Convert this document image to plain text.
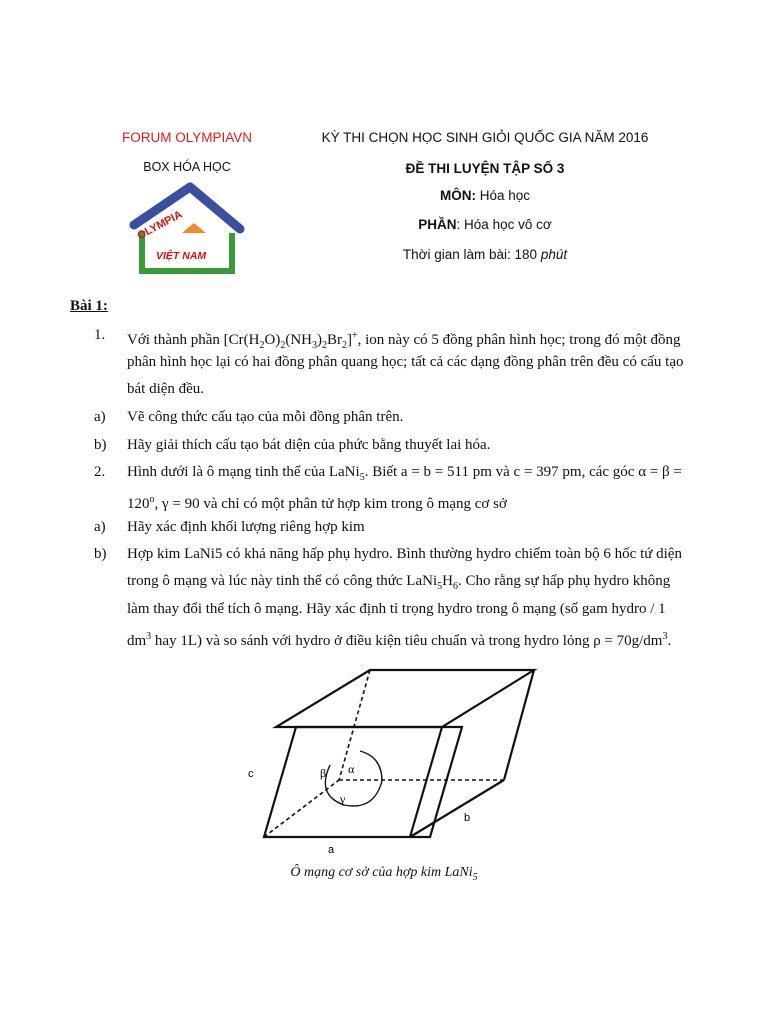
FORUM OLYMPIAVN
BOX HÓA HỌC
OLYMPIA
VIỆT NAM
KỲ THI CHỌN HỌC SINH GIỎI QUỐC GIA NĂM 2016
ĐỀ THI LUYỆN TẬP SỐ 3
MÔN: Hóa học
PHẦN: Hóa học vô cơ
Thời gian làm bài: 180 phút
Bài 1:
1. Với thành phần $[Cr(H_2O)_2(NH_3)_2Br_2]^+$, ion này có 5 đồng phân hình học; trong đó một đồng
phân hình học lại có hai đồng phân quang học; tất cả các dạng đồng phân trên đều có cấu tạo
bát diện đều.
a) Vẽ công thức cấu tạo của mỗi đồng phân trên.
b) Hãy giải thích cấu tạo bát diện của phức bằng thuyết lai hóa.
2. Hình dưới là ô mạng tinh thể của LaNi$_5$. Biết a = b = 511 pm và c = 397 pm, các góc α = β =
$120^o$, γ = 90 và chỉ có một phân tử hợp kim trong ô mạng cơ sở
a) Hãy xác định khối lượng riêng hợp kim
b) Hợp kim LaNi5 có khả năng hấp phụ hydro. Bình thường hydro chiếm toàn bộ 6 hốc tứ diện
trong ô mạng và lúc này tinh thể có công thức $LaNi_5H_6$. Cho rằng sự hấp phụ hydro không
làm thay đổi thể tích ô mạng. Hãy xác định tỉ trọng hydro trong ô mạng (số gam hydro / 1
$dm^3$ hay 1L) và so sánh với hydro ở điều kiện tiêu chuẩn và trong hydro lỏng $\rho = 70g/dm^3$.
β α
γ
c
a
b
Ô mạng cơ sở của hợp kim LaNi$_5$
